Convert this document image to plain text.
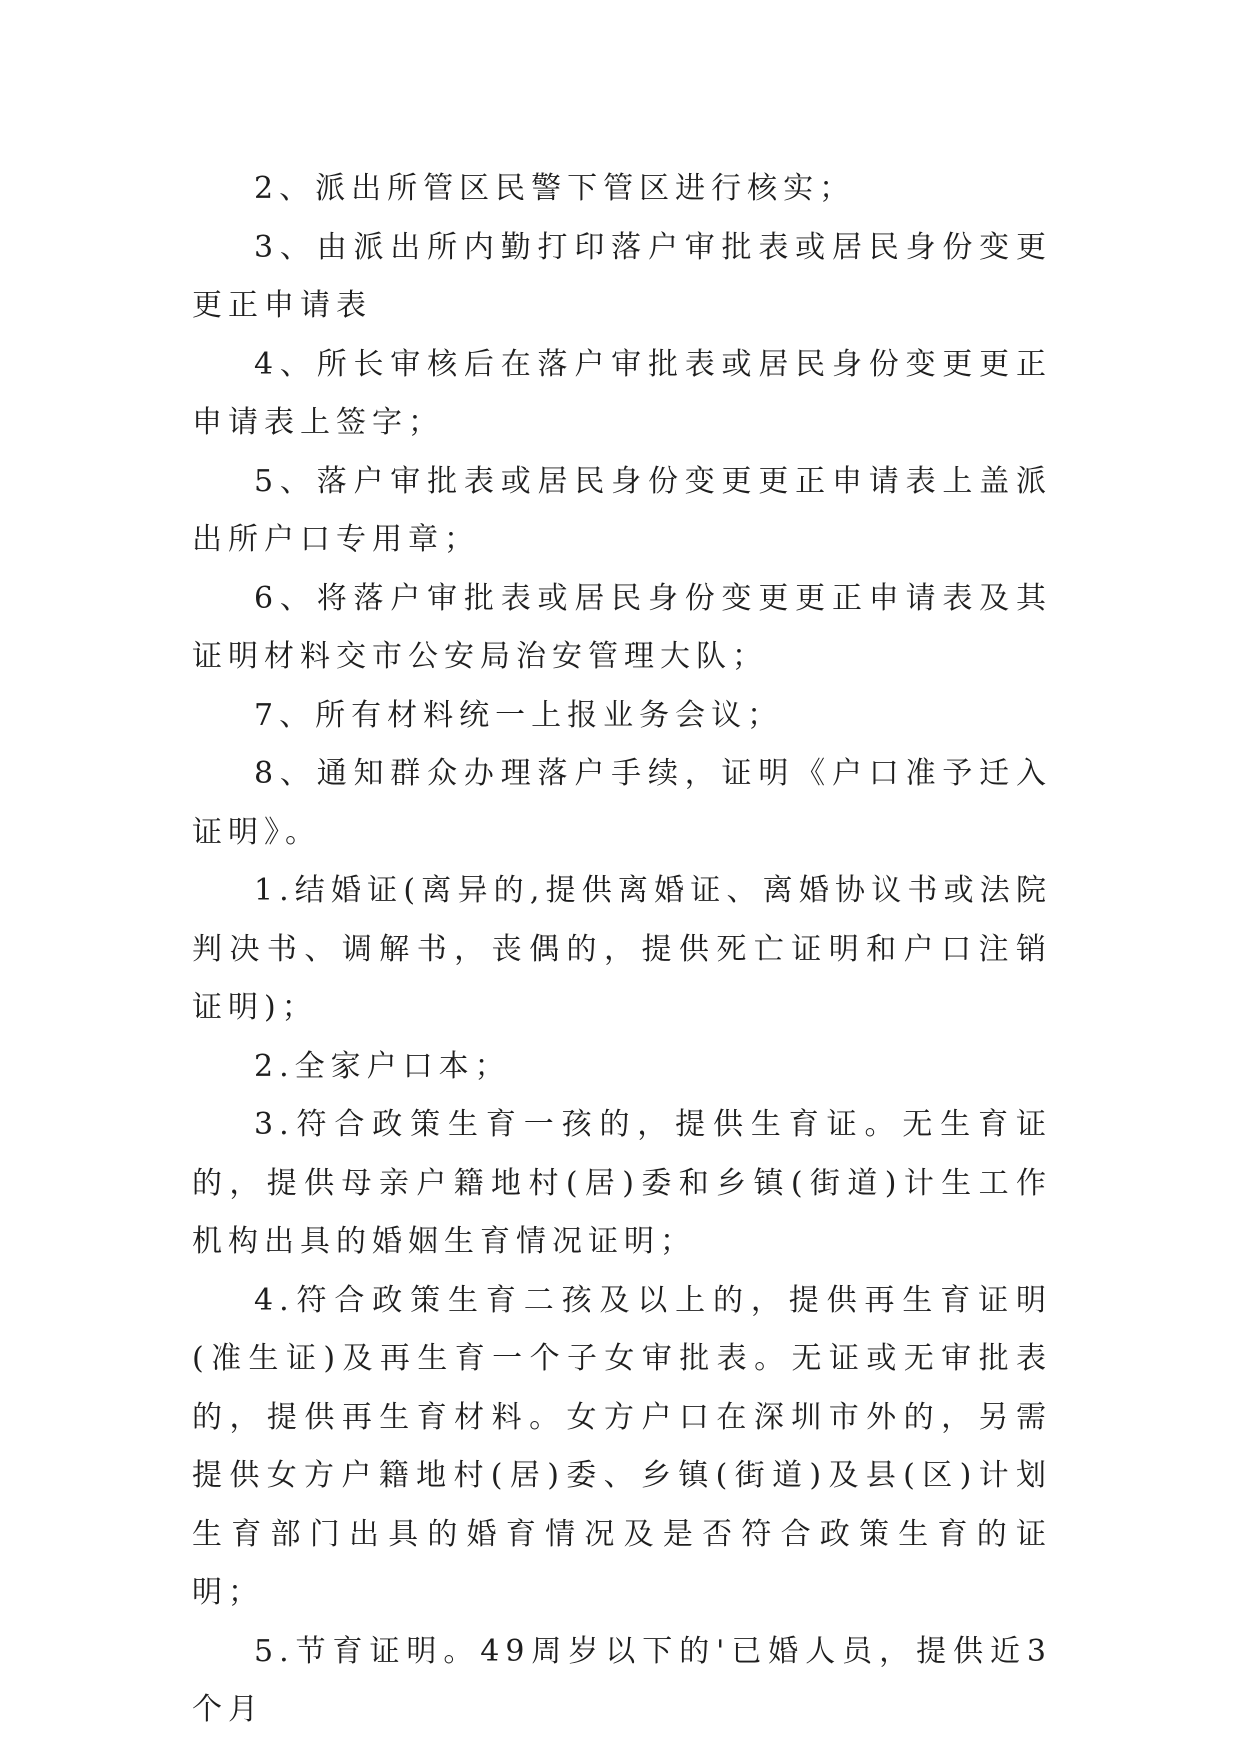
2、派出所管区民警下管区进行核实；

3、由派出所内勤打印落户审批表或居民身份变更更正申请表

4、所长审核后在落户审批表或居民身份变更更正申请表上签字；

5、落户审批表或居民身份变更更正申请表上盖派出所户口专用章；

6、将落户审批表或居民身份变更更正申请表及其证明材料交市公安局治安管理大队；

7、所有材料统一上报业务会议；

8、通知群众办理落户手续，证明《户口准予迁入证明》。

1.结婚证(离异的,提供离婚证、离婚协议书或法院判决书、调解书，丧偶的，提供死亡证明和户口注销证明)；

2.全家户口本；

3.符合政策生育一孩的，提供生育证。无生育证的，提供母亲户籍地村(居)委和乡镇(街道)计生工作机构出具的婚姻生育情况证明；

4.符合政策生育二孩及以上的，提供再生育证明(准生证)及再生育一个子女审批表。无证或无审批表的，提供再生育材料。女方户口在深圳市外的，另需提供女方户籍地村(居)委、乡镇(街道)及县(区)计划生育部门出具的婚育情况及是否符合政策生育的证明；

5.节育证明。49周岁以下的'已婚人员，提供近3个月
